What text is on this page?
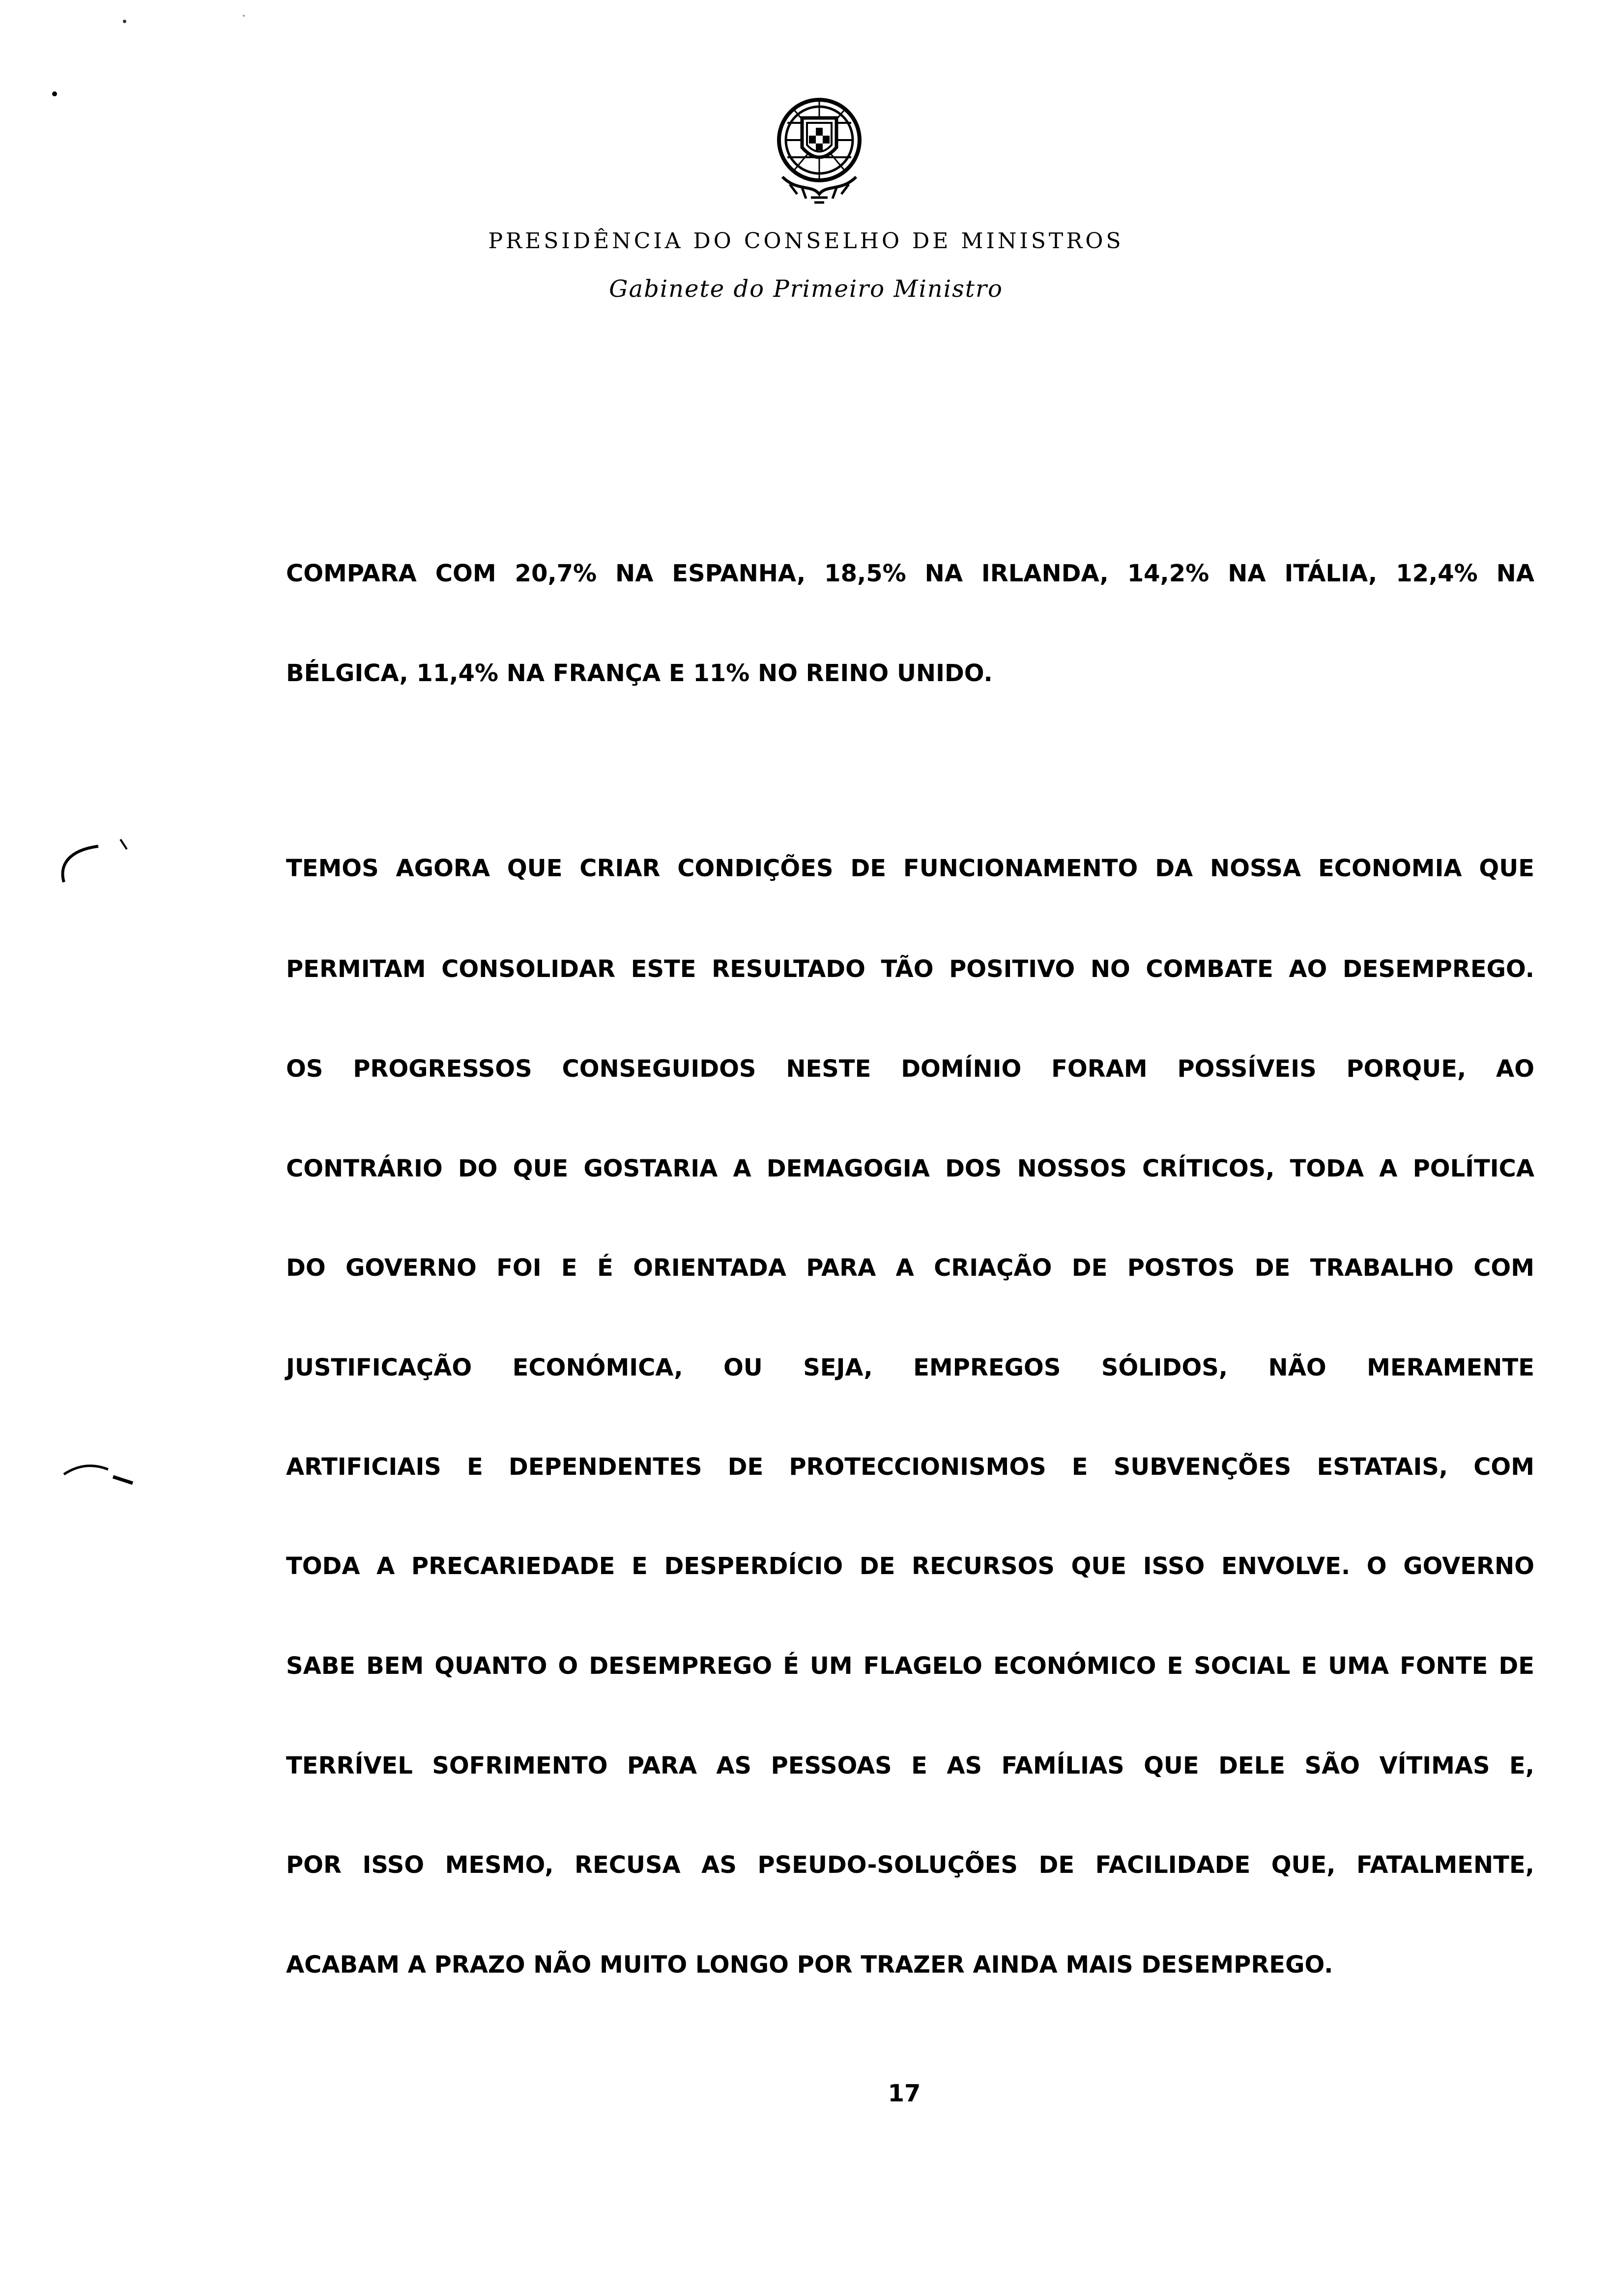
PRESIDÊNCIA DO CONSELHO DE MINISTROS
Gabinete do Primeiro Ministro
COMPARA COM 20,7% NA ESPANHA, 18,5% NA IRLANDA, 14,2% NA ITÁLIA, 12,4% NA
BÉLGICA, 11,4% NA FRANÇA E 11% NO REINO UNIDO.
TEMOS AGORA QUE CRIAR CONDIÇÕES DE FUNCIONAMENTO DA NOSSA ECONOMIA QUE
PERMITAM CONSOLIDAR ESTE RESULTADO TÃO POSITIVO NO COMBATE AO DESEMPREGO.
OS PROGRESSOS CONSEGUIDOS NESTE DOMÍNIO FORAM POSSÍVEIS PORQUE, AO
CONTRÁRIO DO QUE GOSTARIA A DEMAGOGIA DOS NOSSOS CRÍTICOS, TODA A POLÍTICA
DO GOVERNO FOI E É ORIENTADA PARA A CRIAÇÃO DE POSTOS DE TRABALHO COM
JUSTIFICAÇÃO ECONÓMICA, OU SEJA, EMPREGOS SÓLIDOS, NÃO MERAMENTE
ARTIFICIAIS E DEPENDENTES DE PROTECCIONISMOS E SUBVENÇÕES ESTATAIS, COM
TODA A PRECARIEDADE E DESPERDÍCIO DE RECURSOS QUE ISSO ENVOLVE. O GOVERNO
SABE BEM QUANTO O DESEMPREGO É UM FLAGELO ECONÓMICO E SOCIAL E UMA FONTE DE
TERRÍVEL SOFRIMENTO PARA AS PESSOAS E AS FAMÍLIAS QUE DELE SÃO VÍTIMAS E,
POR ISSO MESMO, RECUSA AS PSEUDO-SOLUÇÕES DE FACILIDADE QUE, FATALMENTE,
ACABAM A PRAZO NÃO MUITO LONGO POR TRAZER AINDA MAIS DESEMPREGO.
17
